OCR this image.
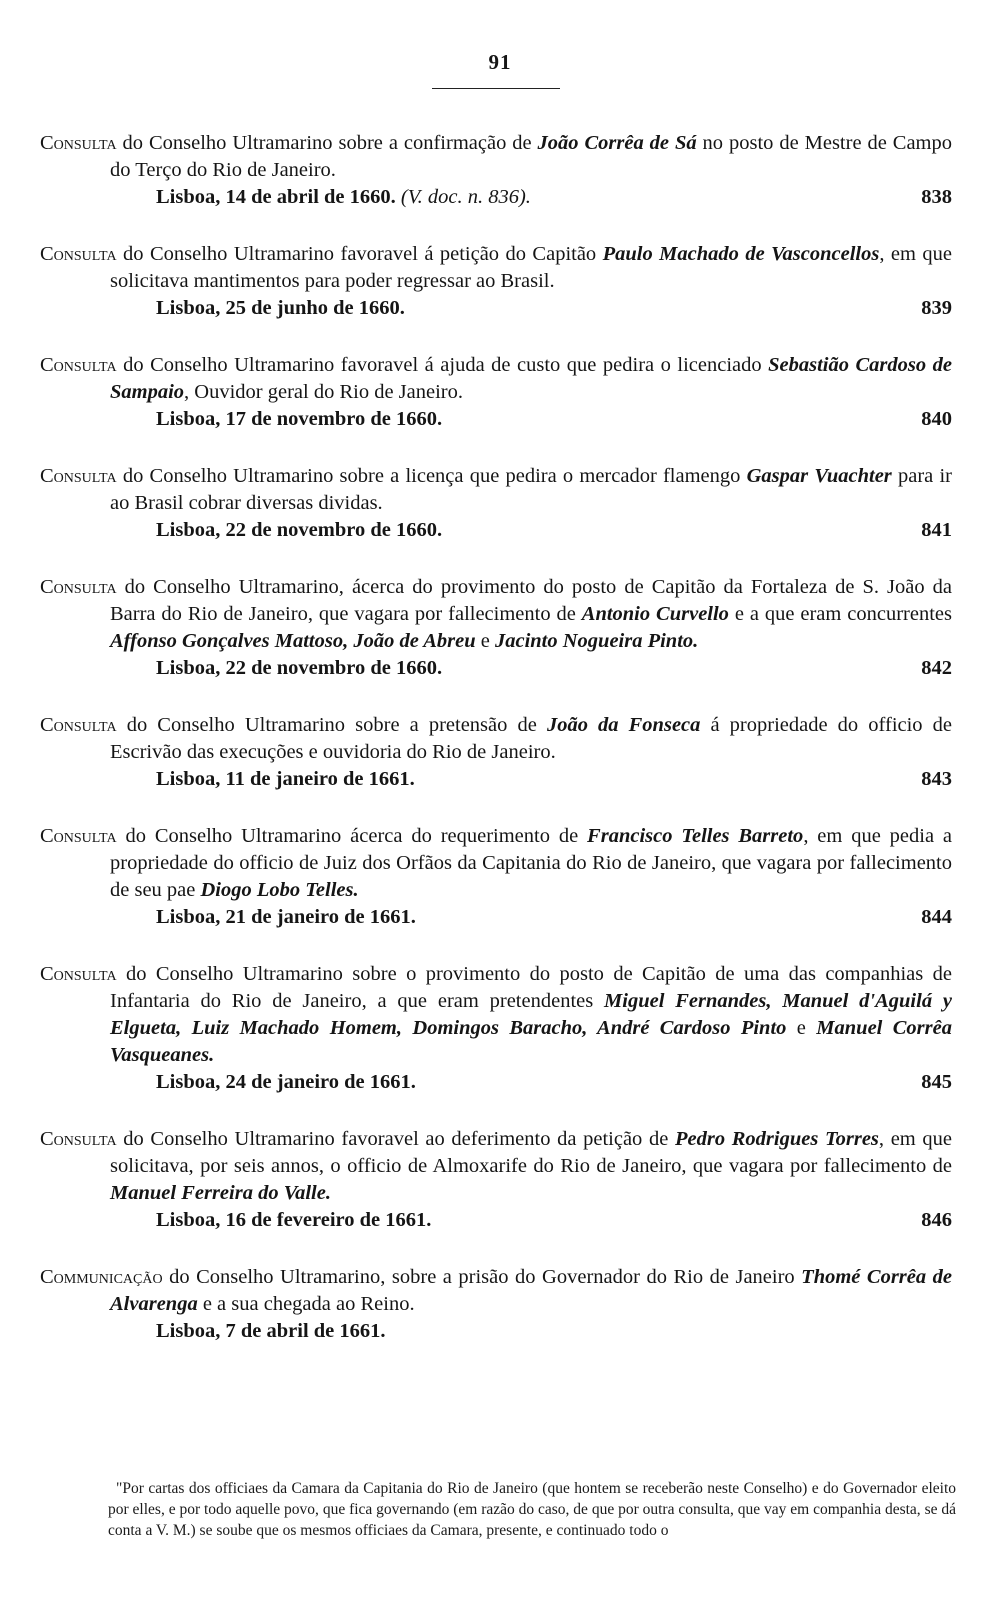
91
Consulta do Conselho Ultramarino sobre a confirmação de João Corrêa de Sá no posto de Mestre de Campo do Terço do Rio de Janeiro.
Lisboa, 14 de abril de 1660. (V. doc. n. 836).	838
Consulta do Conselho Ultramarino favoravel á petição do Capitão Paulo Machado de Vasconcellos, em que solicitava mantimentos para poder regressar ao Brasil.
Lisboa, 25 de junho de 1660.	839
Consulta do Conselho Ultramarino favoravel á ajuda de custo que pedira o licenciado Sebastião Cardoso de Sampaio, Ouvidor geral do Rio de Janeiro.
Lisboa, 17 de novembro de 1660.	840
Consulta do Conselho Ultramarino sobre a licença que pedira o mercador flamengo Gaspar Vuachter para ir ao Brasil cobrar diversas dividas.
Lisboa, 22 de novembro de 1660.	841
Consulta do Conselho Ultramarino, ácerca do provimento do posto de Capitão da Fortaleza de S. João da Barra do Rio de Janeiro, que vagara por fallecimento de Antonio Curvello e a que eram concurrentes Affonso Gonçalves Mattoso, João de Abreu e Jacinto Nogueira Pinto.
Lisboa, 22 de novembro de 1660.	842
Consulta do Conselho Ultramarino sobre a pretensão de João da Fonseca á propriedade do officio de Escrivão das execuções e ouvidoria do Rio de Janeiro.
Lisboa, 11 de janeiro de 1661.	843
Consulta do Conselho Ultramarino ácerca do requerimento de Francisco Telles Barreto, em que pedia a propriedade do officio de Juiz dos Orfãos da Capitania do Rio de Janeiro, que vagara por fallecimento de seu pae Diogo Lobo Telles.
Lisboa, 21 de janeiro de 1661.	844
Consulta do Conselho Ultramarino sobre o provimento do posto de Capitão de uma das companhias de Infantaria do Rio de Janeiro, a que eram pretendentes Miguel Fernandes, Manuel d'Aguilá y Elgueta, Luiz Machado Homem, Domingos Baracho, André Cardoso Pinto e Manuel Corrêa Vasqueanes.
Lisboa, 24 de janeiro de 1661.	845
Consulta do Conselho Ultramarino favoravel ao deferimento da petição de Pedro Rodrigues Torres, em que solicitava, por seis annos, o officio de Almoxarife do Rio de Janeiro, que vagara por fallecimento de Manuel Ferreira do Valle.
Lisboa, 16 de fevereiro de 1661.	846
Communicação do Conselho Ultramarino, sobre a prisão do Governador do Rio de Janeiro Thomé Corrêa de Alvarenga e a sua chegada ao Reino.
Lisboa, 7 de abril de 1661.
"Por cartas dos officiaes da Camara da Capitania do Rio de Janeiro (que hontem se receberão neste Conselho) e do Governador eleito por elles, e por todo aquelle povo, que fica governando (em razão do caso, de que por outra consulta, que vay em companhia desta, se dá conta a V. M.) se soube que os mesmos officiaes da Camara, presente, e continuado todo o
